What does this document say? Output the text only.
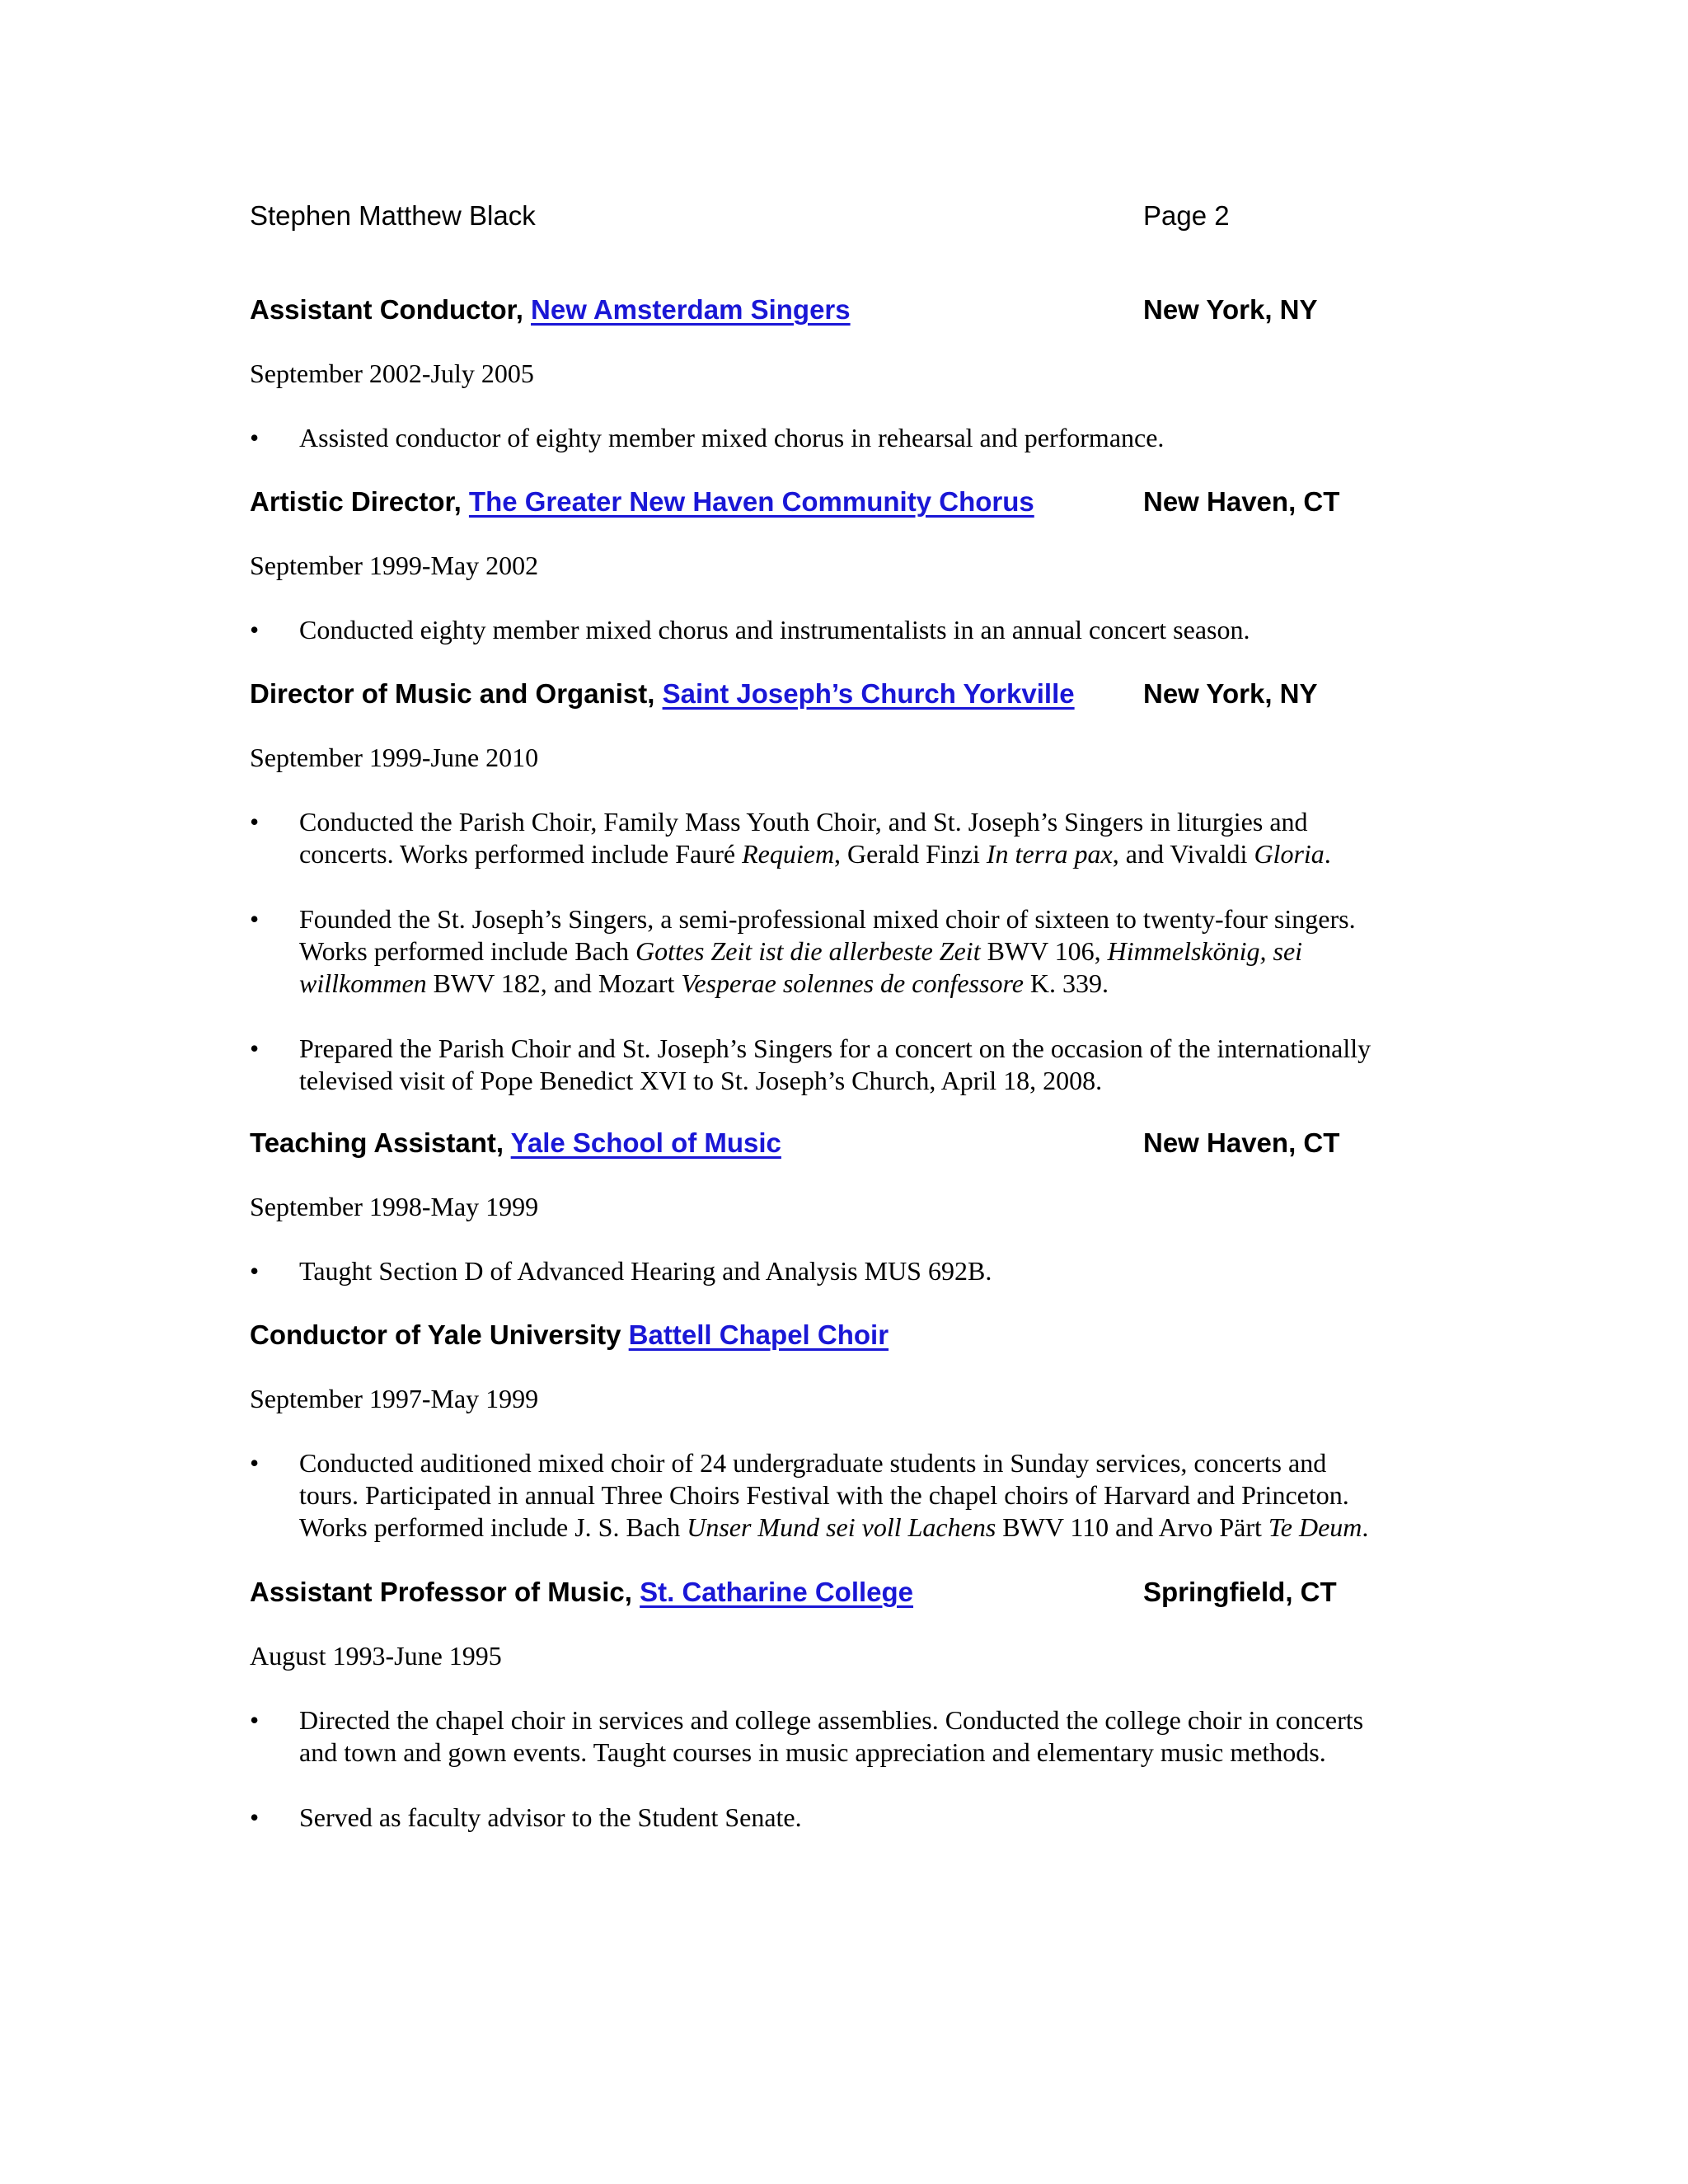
Stephen Matthew Black	Page 2
Assistant Conductor, New Amsterdam Singers	New York, NY
September 2002-July 2005
• Assisted conductor of eighty member mixed chorus in rehearsal and performance.
Artistic Director, The Greater New Haven Community Chorus	New Haven, CT
September 1999-May 2002
• Conducted eighty member mixed chorus and instrumentalists in an annual concert season.
Director of Music and Organist, Saint Joseph’s Church Yorkville	New York, NY
September 1999-June 2010
• Conducted the Parish Choir, Family Mass Youth Choir, and St. Joseph’s Singers in liturgies and
concerts. Works performed include Fauré Requiem, Gerald Finzi In terra pax, and Vivaldi Gloria.
• Founded the St. Joseph’s Singers, a semi-professional mixed choir of sixteen to twenty-four singers.
Works performed include Bach Gottes Zeit ist die allerbeste Zeit BWV 106, Himmelskönig, sei
willkommen BWV 182, and Mozart Vesperae solennes de confessore K. 339.
• Prepared the Parish Choir and St. Joseph’s Singers for a concert on the occasion of the internationally
televised visit of Pope Benedict XVI to St. Joseph’s Church, April 18, 2008.
Teaching Assistant, Yale School of Music	New Haven, CT
September 1998-May 1999
• Taught Section D of Advanced Hearing and Analysis MUS 692B.
Conductor of Yale University Battell Chapel Choir
September 1997-May 1999
• Conducted auditioned mixed choir of 24 undergraduate students in Sunday services, concerts and
tours. Participated in annual Three Choirs Festival with the chapel choirs of Harvard and Princeton.
Works performed include J. S. Bach Unser Mund sei voll Lachens BWV 110 and Arvo Pärt Te Deum.
Assistant Professor of Music, St. Catharine College	Springfield, CT
August 1993-June 1995
• Directed the chapel choir in services and college assemblies. Conducted the college choir in concerts
and town and gown events. Taught courses in music appreciation and elementary music methods.
• Served as faculty advisor to the Student Senate.
